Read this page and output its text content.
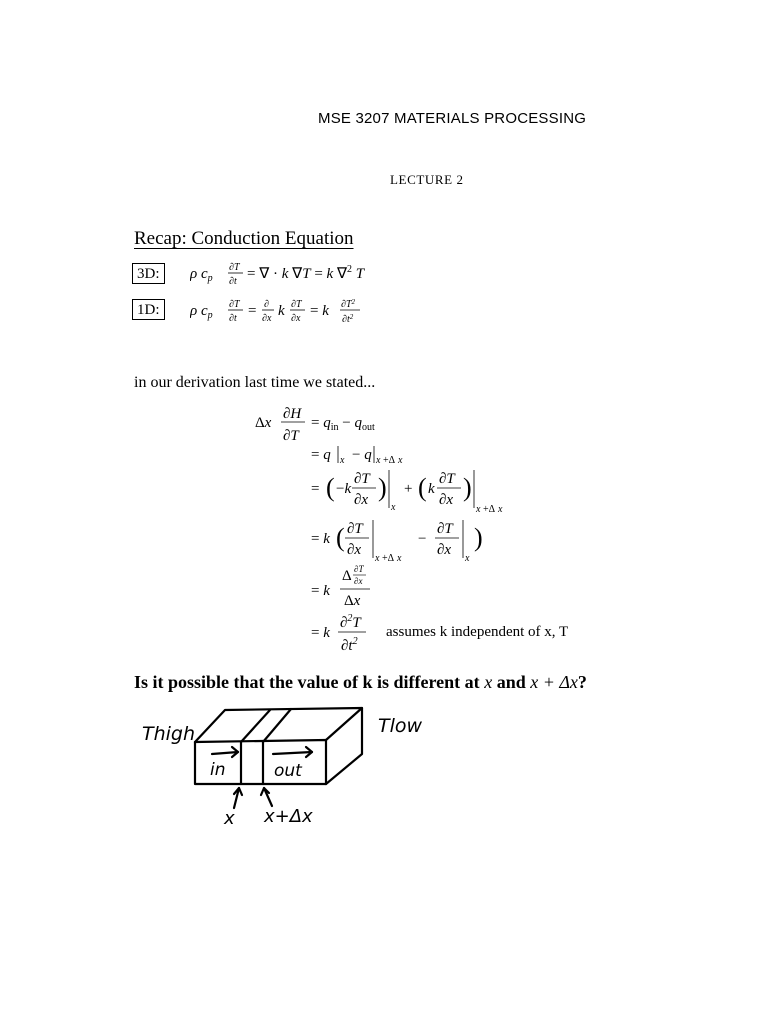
MSE 3207 MATERIALS PROCESSING
LECTURE 2
Recap: Conduction Equation
3D:	ρ $c_p$
∂T
∂t = ∇ · k ∇T = k ∇$^2$ T
1D:	ρ $c_p$
∂T
∂t = ∂
∂x k ∂T
∂x = k $\partial T^2$
$\partial t^2$
in our derivation last time we stated...
Δx
∂H
∂T
= $q_{in} - q_{out}$
= q x − q x +Δ x
= ( −k
∂T
∂x )
x
+ ( k
∂T
∂x )
x +Δ x
= k ( ∂T
∂x
x +Δ x
−
∂T
∂x
x
)
= k
Δ ∂T
∂x
Δx
= k
∂$^2$T
$\partial t^2$
assumes k independent of x, T
Is it possible that the value of k is different at x and x + Δx?
Thigh	Tlow
in	out
x x+Δx
